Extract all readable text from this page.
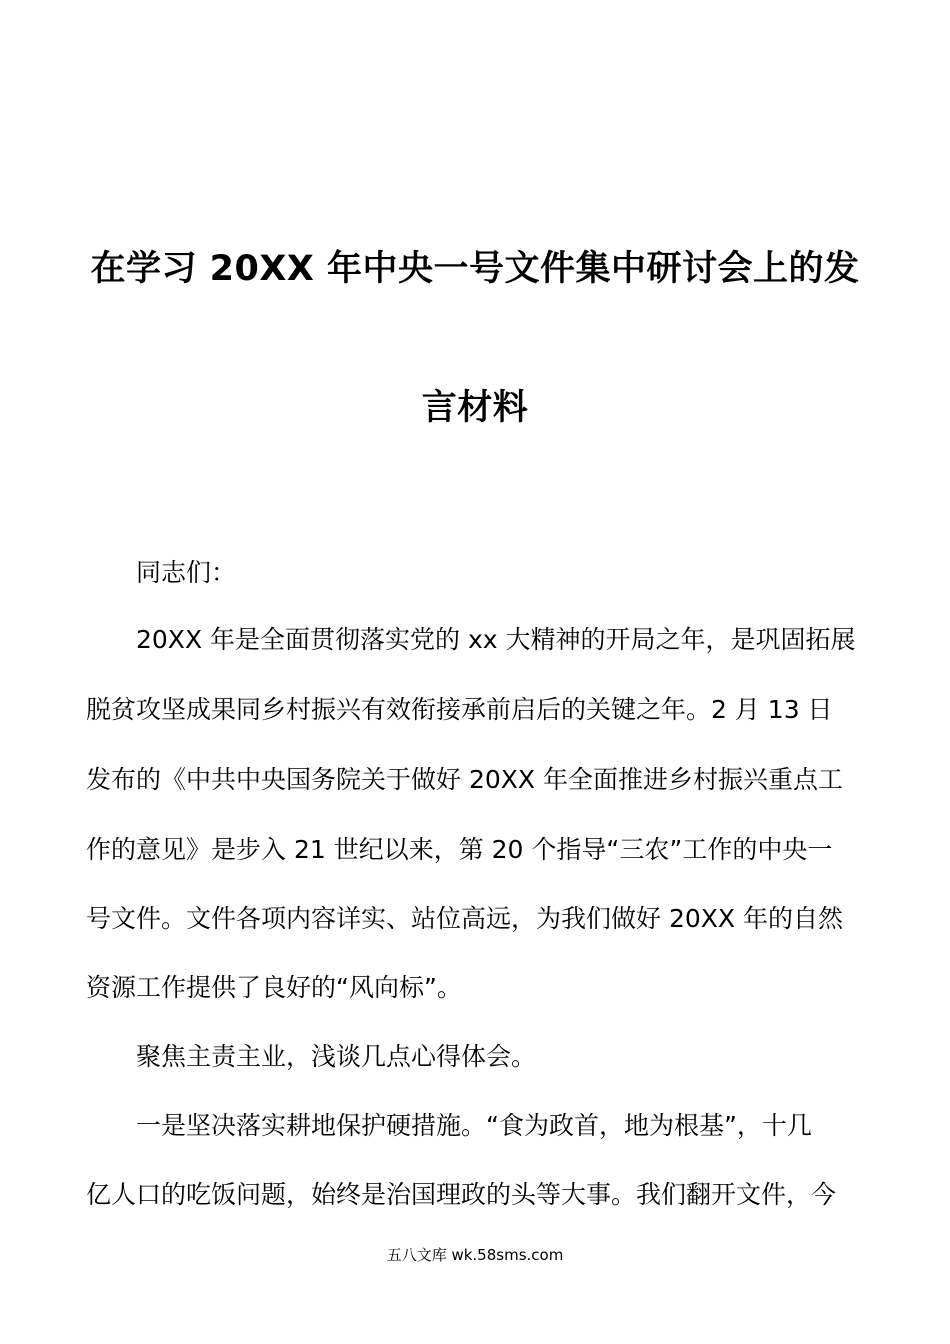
在学习 20XX 年中央一号文件集中研讨会上的发
言材料
　　同志们：
　　20XX 年是全面贯彻落实党的 xx 大精神的开局之年，是巩固拓展
脱贫攻坚成果同乡村振兴有效衔接承前启后的关键之年。2 月 13 日
发布的《中共中央国务院关于做好 20XX 年全面推进乡村振兴重点工
作的意见》是步入 21 世纪以来，第 20 个指导“三农”工作的中央一
号文件。文件各项内容详实、站位高远，为我们做好 20XX 年的自然
资源工作提供了良好的“风向标”。
　　聚焦主责主业，浅谈几点心得体会。
　　一是坚决落实耕地保护硬措施。“食为政首，地为根基”，十几
亿人口的吃饭问题，始终是治国理政的头等大事。我们翻开文件，今
五八文库 wk.58sms.com
